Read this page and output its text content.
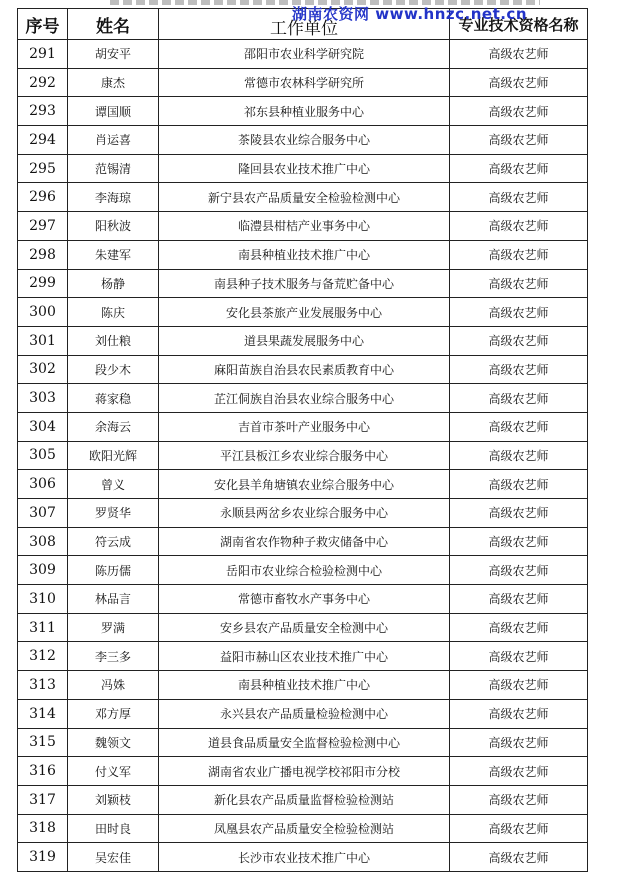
序号	姓名	工作单位	专业技术资格名称
291	胡安平	邵阳市农业科学研究院	高级农艺师
292	康杰	常德市农林科学研究所	高级农艺师
293	谭国顺	祁东县种植业服务中心	高级农艺师
294	肖运喜	茶陵县农业综合服务中心	高级农艺师
295	范锡清	隆回县农业技术推广中心	高级农艺师
296	李海琼	新宁县农产品质量安全检验检测中心	高级农艺师
297	阳秋波	临澧县柑桔产业事务中心	高级农艺师
298	朱建军	南县种植业技术推广中心	高级农艺师
299	杨静	南县种子技术服务与备荒贮备中心	高级农艺师
300	陈庆	安化县茶旅产业发展服务中心	高级农艺师
301	刘仕粮	道县果蔬发展服务中心	高级农艺师
302	段少木	麻阳苗族自治县农民素质教育中心	高级农艺师
303	蒋家稳	芷江侗族自治县农业综合服务中心	高级农艺师
304	余海云	吉首市茶叶产业服务中心	高级农艺师
305	欧阳光辉	平江县板江乡农业综合服务中心	高级农艺师
306	曾义	安化县羊角塘镇农业综合服务中心	高级农艺师
307	罗贤华	永顺县两岔乡农业综合服务中心	高级农艺师
308	符云成	湖南省农作物种子救灾储备中心	高级农艺师
309	陈历儒	岳阳市农业综合检验检测中心	高级农艺师
310	林品言	常德市畜牧水产事务中心	高级农艺师
311	罗满	安乡县农产品质量安全检测中心	高级农艺师
312	李三多	益阳市赫山区农业技术推广中心	高级农艺师
313	冯姝	南县种植业技术推广中心	高级农艺师
314	邓方厚	永兴县农产品质量检验检测中心	高级农艺师
315	魏领文	道县食品质量安全监督检验检测中心	高级农艺师
316	付义军	湖南省农业广播电视学校祁阳市分校	高级农艺师
317	刘颖枝	新化县农产品质量监督检验检测站	高级农艺师
318	田时良	凤凰县农产品质量安全检验检测站	高级农艺师
319	吴宏佳	长沙市农业技术推广中心	高级农艺师
湖南农资网 www.hnzc.net.cn
